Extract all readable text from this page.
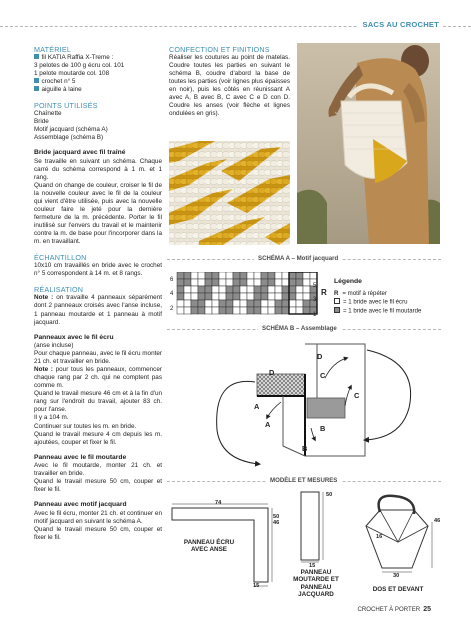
SACS AU CROCHET
MATÉRIEL
fil KATIA Raffia X-Treme :
3 pelotes de 100 g écru col. 101
1 pelote moutarde col. 108
crochet n° 5
aiguille à laine
POINTS UTILISÉS
Chaînette
Bride
Motif jacquard (schéma A)
Assemblage (schéma B)
Bride jacquard avec fil traîné
Se travaille en suivant un schéma. Chaque carré du schéma correspond à 1 m. et 1 rang.
Quand on change de couleur, croiser le fil de la nouvelle couleur avec le fil de la couleur qui vient d'être utilisée, puis avec la nouvelle couleur faire le jeté pour la dernière fermeture de la m. précédente. Porter le fil inutilisé sur l'envers du travail et le maintenir contre la m. de base pour l'incorporer dans la m. en travaillant.
ÉCHANTILLON
10x10 cm travaillés en bride avec le crochet n° 5 correspondent à 14 m. et 8 rangs.
RÉALISATION
Note : on travaille 4 panneaux séparément dont 2 panneaux croisés avec l'anse incluse, 1 panneau moutarde et 1 panneau à motif jacquard.
Panneaux avec le fil écru
(anse incluse)
Pour chaque panneau, avec le fil écru monter 21 ch. et travailler en bride.
Note : pour tous les panneaux, commencer chaque rang par 2 ch. qui ne comptent pas comme m.
Quand le travail mesure 46 cm et à la fin d'un rang sur l'endroit du travail, ajouter 83 ch. pour l'anse.
Il y a 104 m.
Continuer sur toutes les m. en bride.
Quand le travail mesure 4 cm depuis les m. ajoutées, couper et fixer le fil.
Panneau avec le fil moutarde
Avec le fil moutarde, monter 21 ch. et travailler en bride.
Quand le travail mesure 50 cm, couper et fixer le fil.
Panneau avec motif jacquard
Avec le fil écru, monter 21 ch. et continuer en motif jacquard en suivant le schéma A.
Quand le travail mesure 50 cm, couper et fixer le fil.
CONFECTION ET FINITIONS
Réaliser les coutures au point de matelas. Coudre toutes les parties en suivant le schéma B, coudre d'abord la base de toutes les parties (voir lignes plus épaisses en noir), puis les côtés en réunissant A avec A, B avec B, C avec C e D con D. Coudre les anses (voir flèche et lignes ondulées en gris).
SCHÉMA A – Motif jacquard
6
4
2
5
3
1
R
Légende
R = motif à répéter
= 1 bride avec le fil écru
= 1 bride avec le fil moutarde
SCHÉMA B – Assemblage
D
D	C
C
A
A	B
B
MODÈLE ET MESURES
74
50
46
15
PANNEAU ÉCRU AVEC ANSE
50
15
PANNEAU MOUTARDE ET PANNEAU JACQUARD
46
16
30
DOS ET DEVANT
CROCHET À PORTER 25
